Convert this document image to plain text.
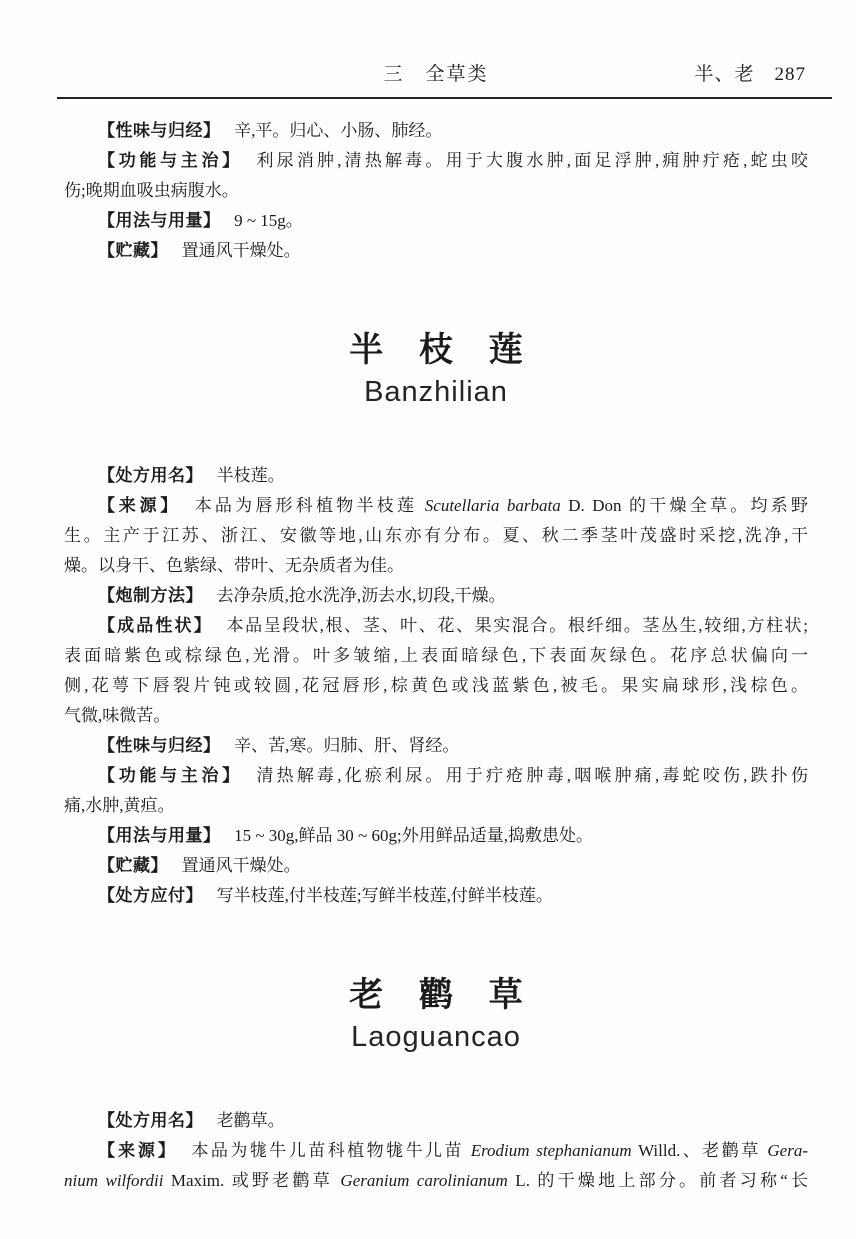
三　全草类	半、老　287
【性味与归经】 辛,平。归心、小肠、肺经。
【功能与主治】 利尿消肿,清热解毒。用于大腹水肿,面足浮肿,痈肿疔疮,蛇虫咬
伤;晚期血吸虫病腹水。
【用法与用量】 9 ~ 15g。
【贮藏】 置通风干燥处。
半枝莲
Banzhilian
【处方用名】 半枝莲。
【来源】 本品为唇形科植物半枝莲 Scutellaria barbata D. Don 的干燥全草。均系野
生。主产于江苏、浙江、安徽等地,山东亦有分布。夏、秋二季茎叶茂盛时采挖,洗净,干
燥。以身干、色紫绿、带叶、无杂质者为佳。
【炮制方法】 去净杂质,抢水洗净,沥去水,切段,干燥。
【成品性状】 本品呈段状,根、茎、叶、花、果实混合。根纤细。茎丛生,较细,方柱状;
表面暗紫色或棕绿色,光滑。叶多皱缩,上表面暗绿色,下表面灰绿色。花序总状偏向一
侧,花萼下唇裂片钝或较圆,花冠唇形,棕黄色或浅蓝紫色,被毛。果实扁球形,浅棕色。
气微,味微苦。
【性味与归经】 辛、苦,寒。归肺、肝、肾经。
【功能与主治】 清热解毒,化瘀利尿。用于疔疮肿毒,咽喉肿痛,毒蛇咬伤,跌扑伤
痛,水肿,黄疸。
【用法与用量】 15 ~ 30g,鲜品 30 ~ 60g;外用鲜品适量,捣敷患处。
【贮藏】 置通风干燥处。
【处方应付】 写半枝莲,付半枝莲;写鲜半枝莲,付鲜半枝莲。
老鹳草
Laoguancao
【处方用名】 老鹳草。
【来源】 本品为牻牛儿苗科植物牻牛儿苗 Erodium stephanianum Willd.、老鹳草 Gera-
nium wilfordii Maxim. 或野老鹳草 Geranium carolinianum L. 的干燥地上部分。前者习称“长
